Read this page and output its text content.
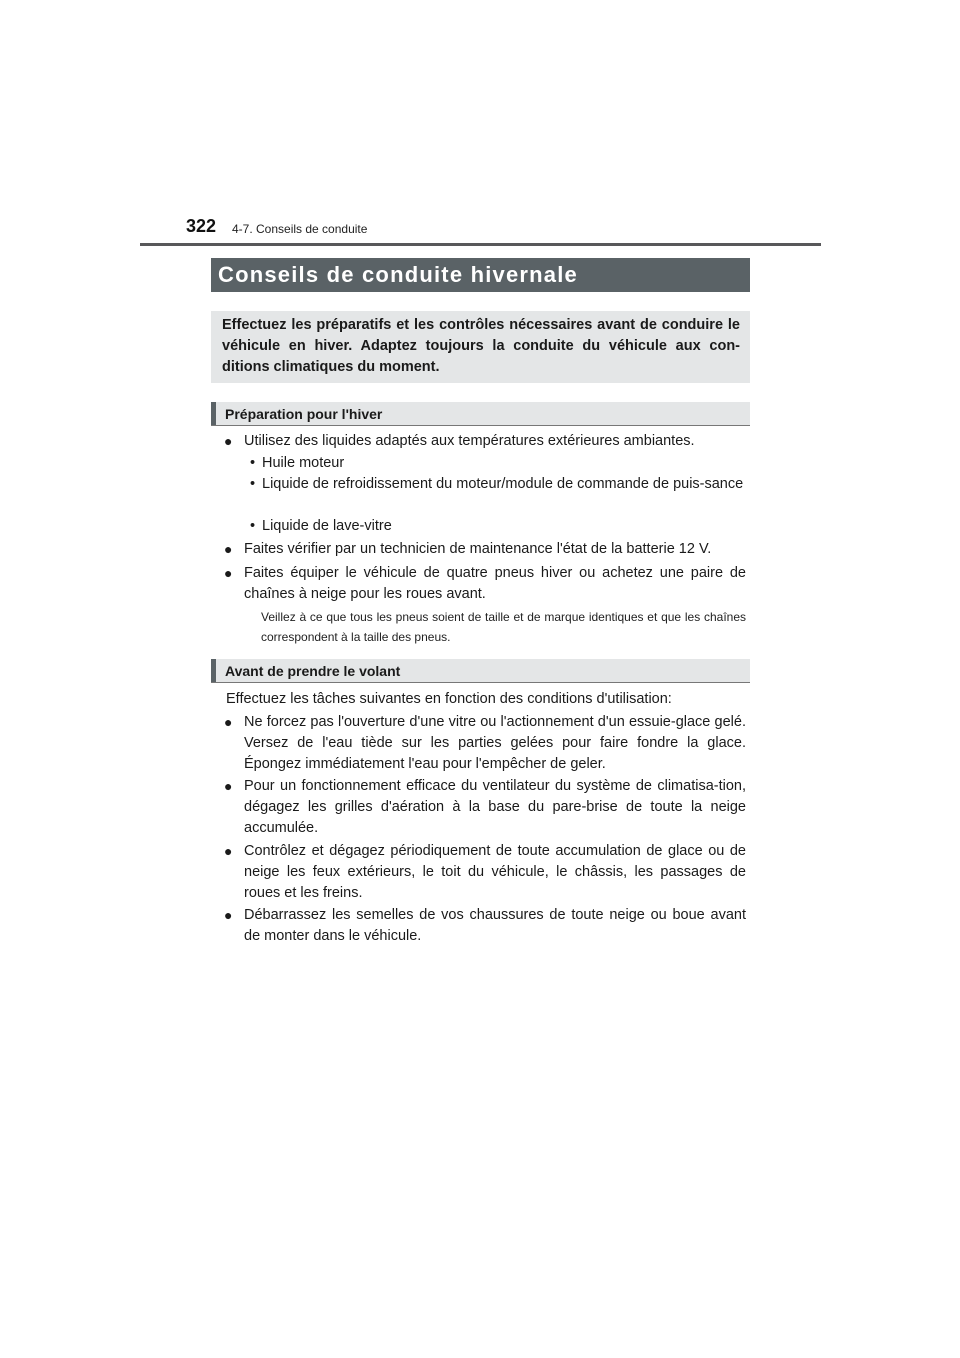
322 4-7. Conseils de conduite
Conseils de conduite hivernale
Effectuez les préparatifs et les contrôles nécessaires avant de conduire le véhicule en hiver. Adaptez toujours la conduite du véhicule aux con-ditions climatiques du moment.
Préparation pour l'hiver
● Utilisez des liquides adaptés aux températures extérieures ambiantes.
• Huile moteur
• Liquide de refroidissement du moteur/module de commande de puis-sance
• Liquide de lave-vitre
● Faites vérifier par un technicien de maintenance l'état de la batterie 12 V.
● Faites équiper le véhicule de quatre pneus hiver ou achetez une paire de chaînes à neige pour les roues avant.
Veillez à ce que tous les pneus soient de taille et de marque identiques et que les chaînes correspondent à la taille des pneus.
Avant de prendre le volant
Effectuez les tâches suivantes en fonction des conditions d'utilisation:
● Ne forcez pas l'ouverture d'une vitre ou l'actionnement d'un essuie-glace gelé. Versez de l'eau tiède sur les parties gelées pour faire fondre la glace. Épongez immédiatement l'eau pour l'empêcher de geler.
● Pour un fonctionnement efficace du ventilateur du système de climatisa-tion, dégagez les grilles d'aération à la base du pare-brise de toute la neige accumulée.
● Contrôlez et dégagez périodiquement de toute accumulation de glace ou de neige les feux extérieurs, le toit du véhicule, le châssis, les passages de roues et les freins.
● Débarrassez les semelles de vos chaussures de toute neige ou boue avant de monter dans le véhicule.
